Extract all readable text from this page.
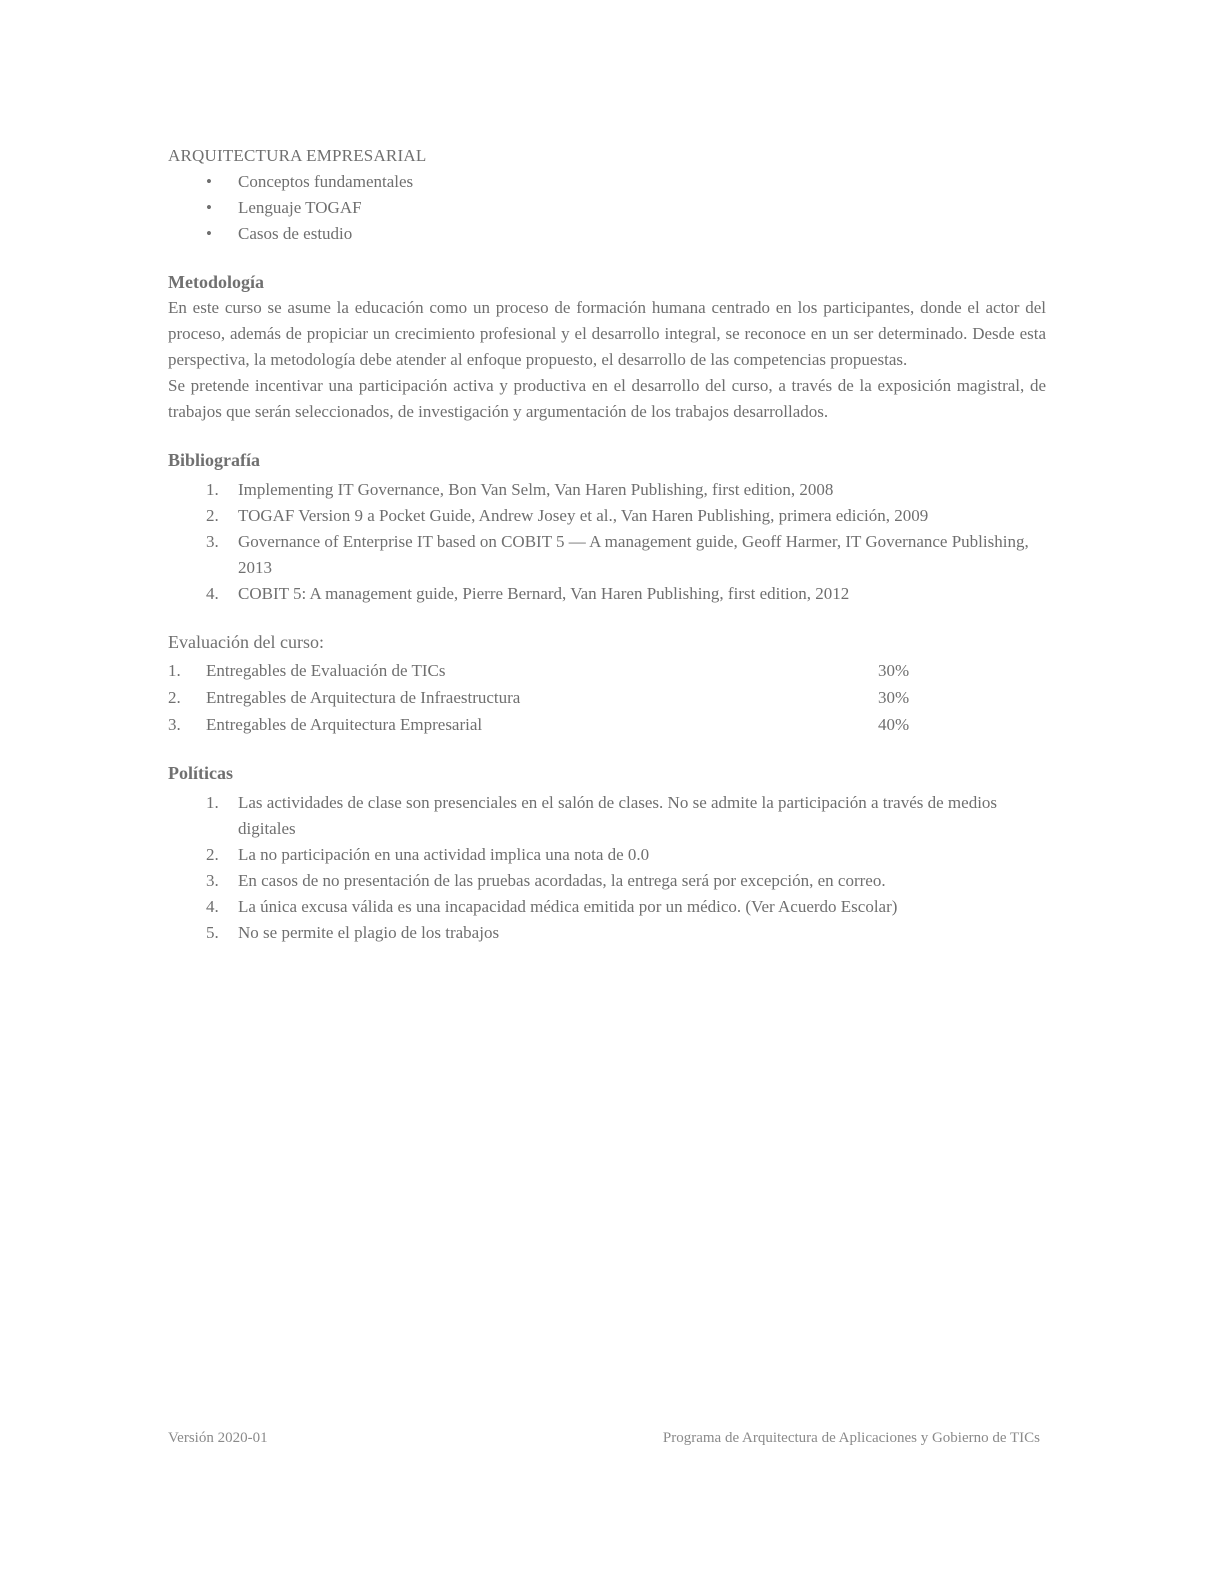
ARQUITECTURA EMPRESARIAL

• Conceptos fundamentales
• Lenguaje TOGAF
• Casos de estudio
Metodología

En este curso se asume la educación como un proceso de formación humana centrado en los participantes, donde el actor del proceso, además de propiciar un crecimiento profesional y el desarrollo integral, se reconoce en un ser determinado. Desde esta perspectiva, la metodología debe atender al enfoque propuesto, el desarrollo de las competencias propuestas.

Se pretende incentivar una participación activa y productiva en el desarrollo del curso, a través de la exposición magistral, de trabajos que serán seleccionados, de investigación y argumentación de los trabajos desarrollados.

Bibliografía
1. Implementing IT Governance, Bon Van Selm, Van Haren Publishing, first edition, 2008
2. TOGAF Version 9 a Pocket Guide, Andrew Josey et al., Van Haren Publishing, primera edición, 2009
3. Governance of Enterprise IT based on COBIT 5 — A management guide, Geoff Harmer, IT Governance Publishing, 2013
4. COBIT 5: A management guide, Pierre Bernard, Van Haren Publishing, first edition, 2012
Evaluación del curso:
1.	Entregables de Evaluación de TICs	30%
2.	Entregables de Arquitectura de Infraestructura	30%
3.	Entregables de Arquitectura Empresarial	40%
Políticas
1. Las actividades de clase son presenciales en el salón de clases. No se admite la participación a través de medios digitales
2. La no participación en una actividad implica una nota de 0.0
3. En casos de no presentación de las pruebas acordadas, la entrega será por excepción, en correo.
4. La única excusa válida es una incapacidad médica emitida por un médico. (Ver Acuerdo Escolar)
5. No se permite el plagio de los trabajos
Versión 2020-01	Programa de Arquitectura de Aplicaciones y Gobierno de TICs
